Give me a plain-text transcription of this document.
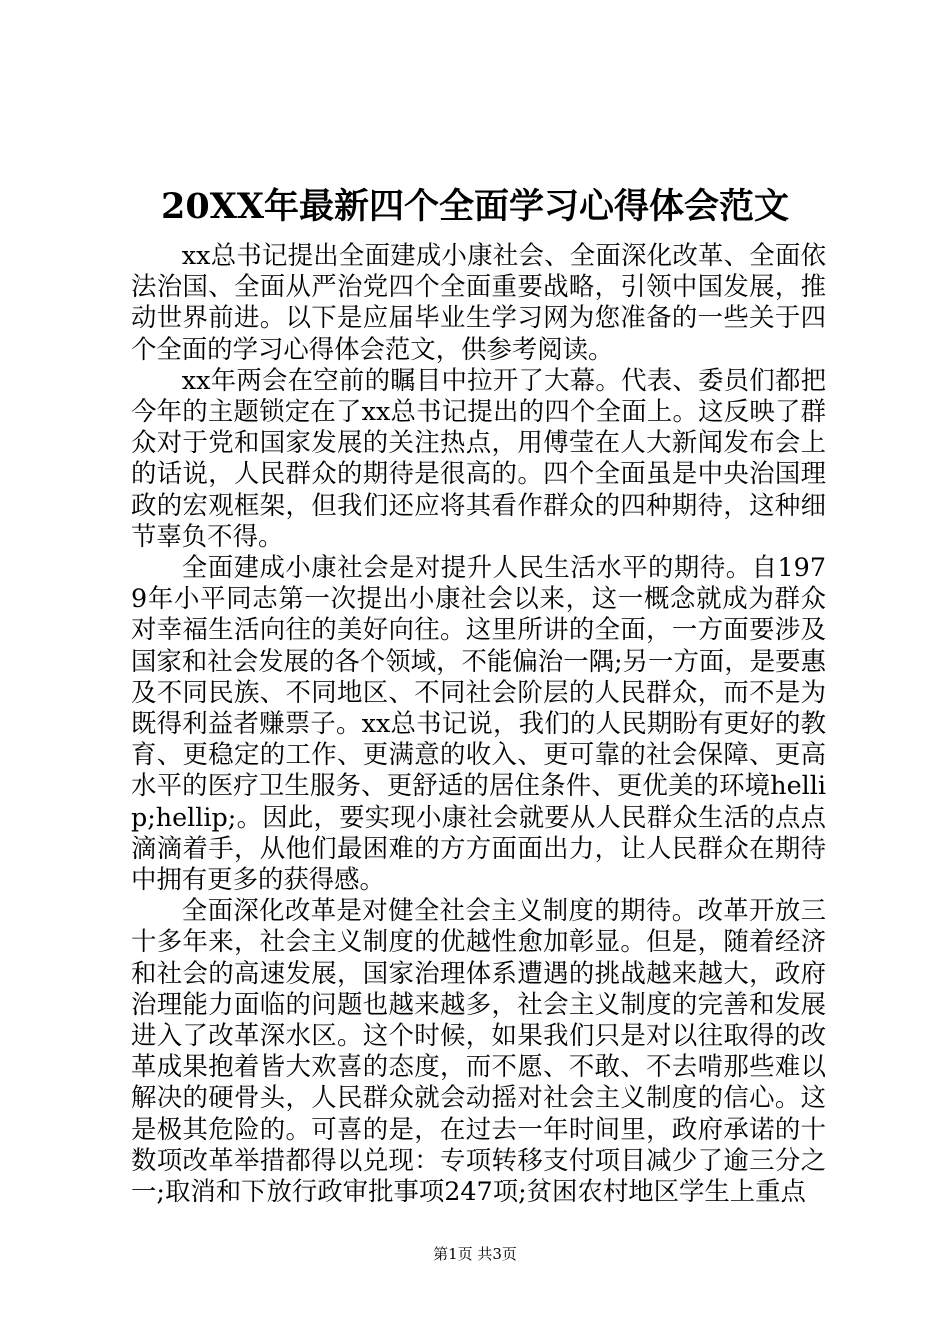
20XX年最新四个全面学习心得体会范文

xx总书记提出全面建成小康社会、全面深化改革、全面依法治国、全面从严治党四个全面重要战略，引领中国发展，推动世界前进。以下是应届毕业生学习网为您准备的一些关于四个全面的学习心得体会范文，供参考阅读。

xx年两会在空前的瞩目中拉开了大幕。代表、委员们都把今年的主题锁定在了xx总书记提出的四个全面上。这反映了群众对于党和国家发展的关注热点，用傅莹在人大新闻发布会上的话说，人民群众的期待是很高的。四个全面虽是中央治国理政的宏观框架，但我们还应将其看作群众的四种期待，这种细节辜负不得。

全面建成小康社会是对提升人民生活水平的期待。自1979年小平同志第一次提出小康社会以来，这一概念就成为群众对幸福生活向往的美好向往。这里所讲的全面，一方面要涉及国家和社会发展的各个领域，不能偏治一隅;另一方面，是要惠及不同民族、不同地区、不同社会阶层的人民群众，而不是为既得利益者赚票子。xx总书记说，我们的人民期盼有更好的教育、更稳定的工作、更满意的收入、更可靠的社会保障、更高水平的医疗卫生服务、更舒适的居住条件、更优美的环境hellip;hellip;。因此，要实现小康社会就要从人民群众生活的点点滴滴着手，从他们最困难的方方面面出力，让人民群众在期待中拥有更多的获得感。

全面深化改革是对健全社会主义制度的期待。改革开放三十多年来，社会主义制度的优越性愈加彰显。但是，随着经济和社会的高速发展，国家治理体系遭遇的挑战越来越大，政府治理能力面临的问题也越来越多，社会主义制度的完善和发展进入了改革深水区。这个时候，如果我们只是对以往取得的改革成果抱着皆大欢喜的态度，而不愿、不敢、不去啃那些难以解决的硬骨头，人民群众就会动摇对社会主义制度的信心。这是极其危险的。可喜的是，在过去一年时间里，政府承诺的十数项改革举措都得以兑现：专项转移支付项目减少了逾三分之一;取消和下放行政审批事项247项;贫困农村地区学生上重点

第1页 共3页
